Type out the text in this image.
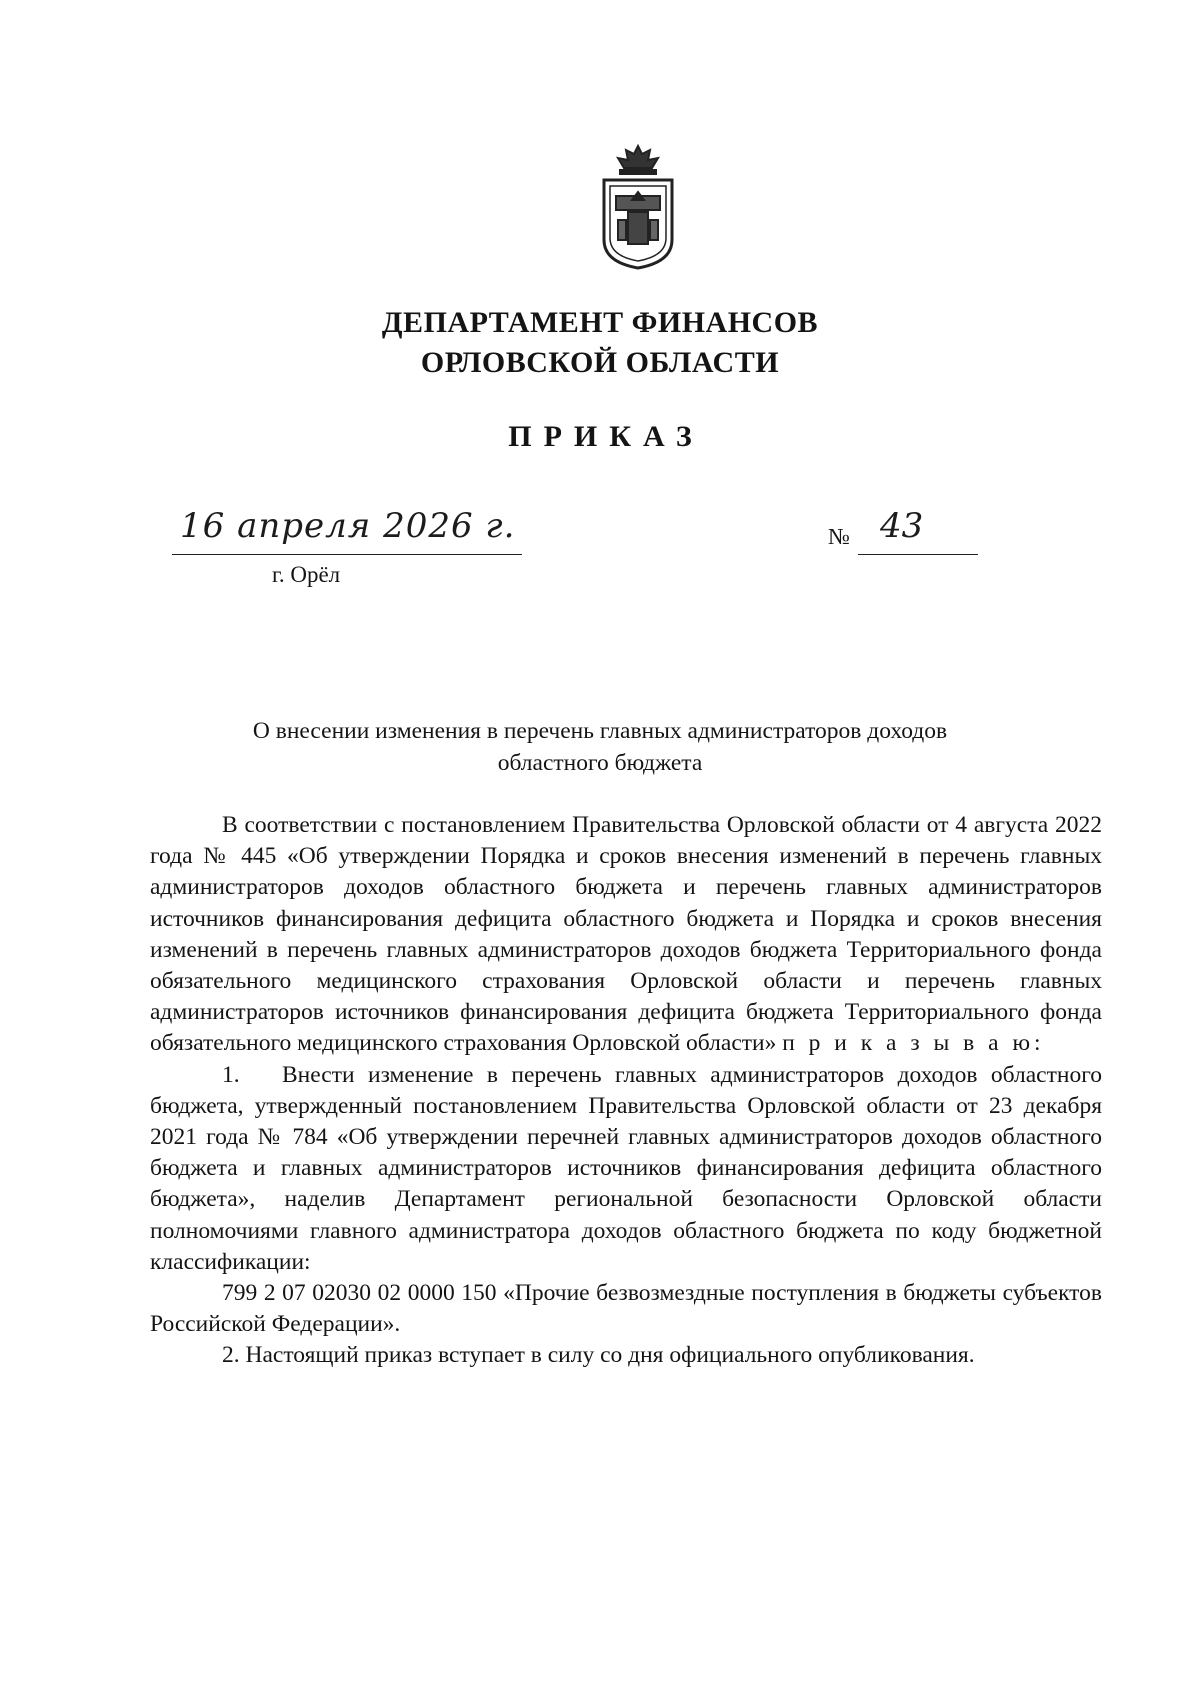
ДЕПАРТАМЕНТ ФИНАНСОВ
ОРЛОВСКОЙ ОБЛАСТИ
ПРИКАЗ
16 апреля 2026 г.
г. Орёл
№ 43
О внесении изменения в перечень главных администраторов доходов
областного бюджета

В соответствии с постановлением Правительства Орловской области от 4 августа 2022 года № 445 «Об утверждении Порядка и сроков внесения изменений в перечень главных администраторов доходов областного бюджета и перечень главных администраторов источников финансирования дефицита областного бюджета и Порядка и сроков внесения изменений в перечень главных администраторов доходов бюджета Территориального фонда обязательного медицинского страхования Орловской области и перечень главных администраторов источников финансирования дефицита бюджета Территориального фонда обязательного медицинского страхования Орловской области» п р и к а з ы в а ю:

1. Внести изменение в перечень главных администраторов доходов областного бюджета, утвержденный постановлением Правительства Орловской области от 23 декабря 2021 года № 784 «Об утверждении перечней главных администраторов доходов областного бюджета и главных администраторов источников финансирования дефицита областного бюджета», наделив Департамент региональной безопасности Орловской области полномочиями главного администратора доходов областного бюджета по коду бюджетной классификации:

799 2 07 02030 02 0000 150 «Прочие безвозмездные поступления в бюджеты субъектов Российской Федерации».

2. Настоящий приказ вступает в силу со дня официального опубликования.
